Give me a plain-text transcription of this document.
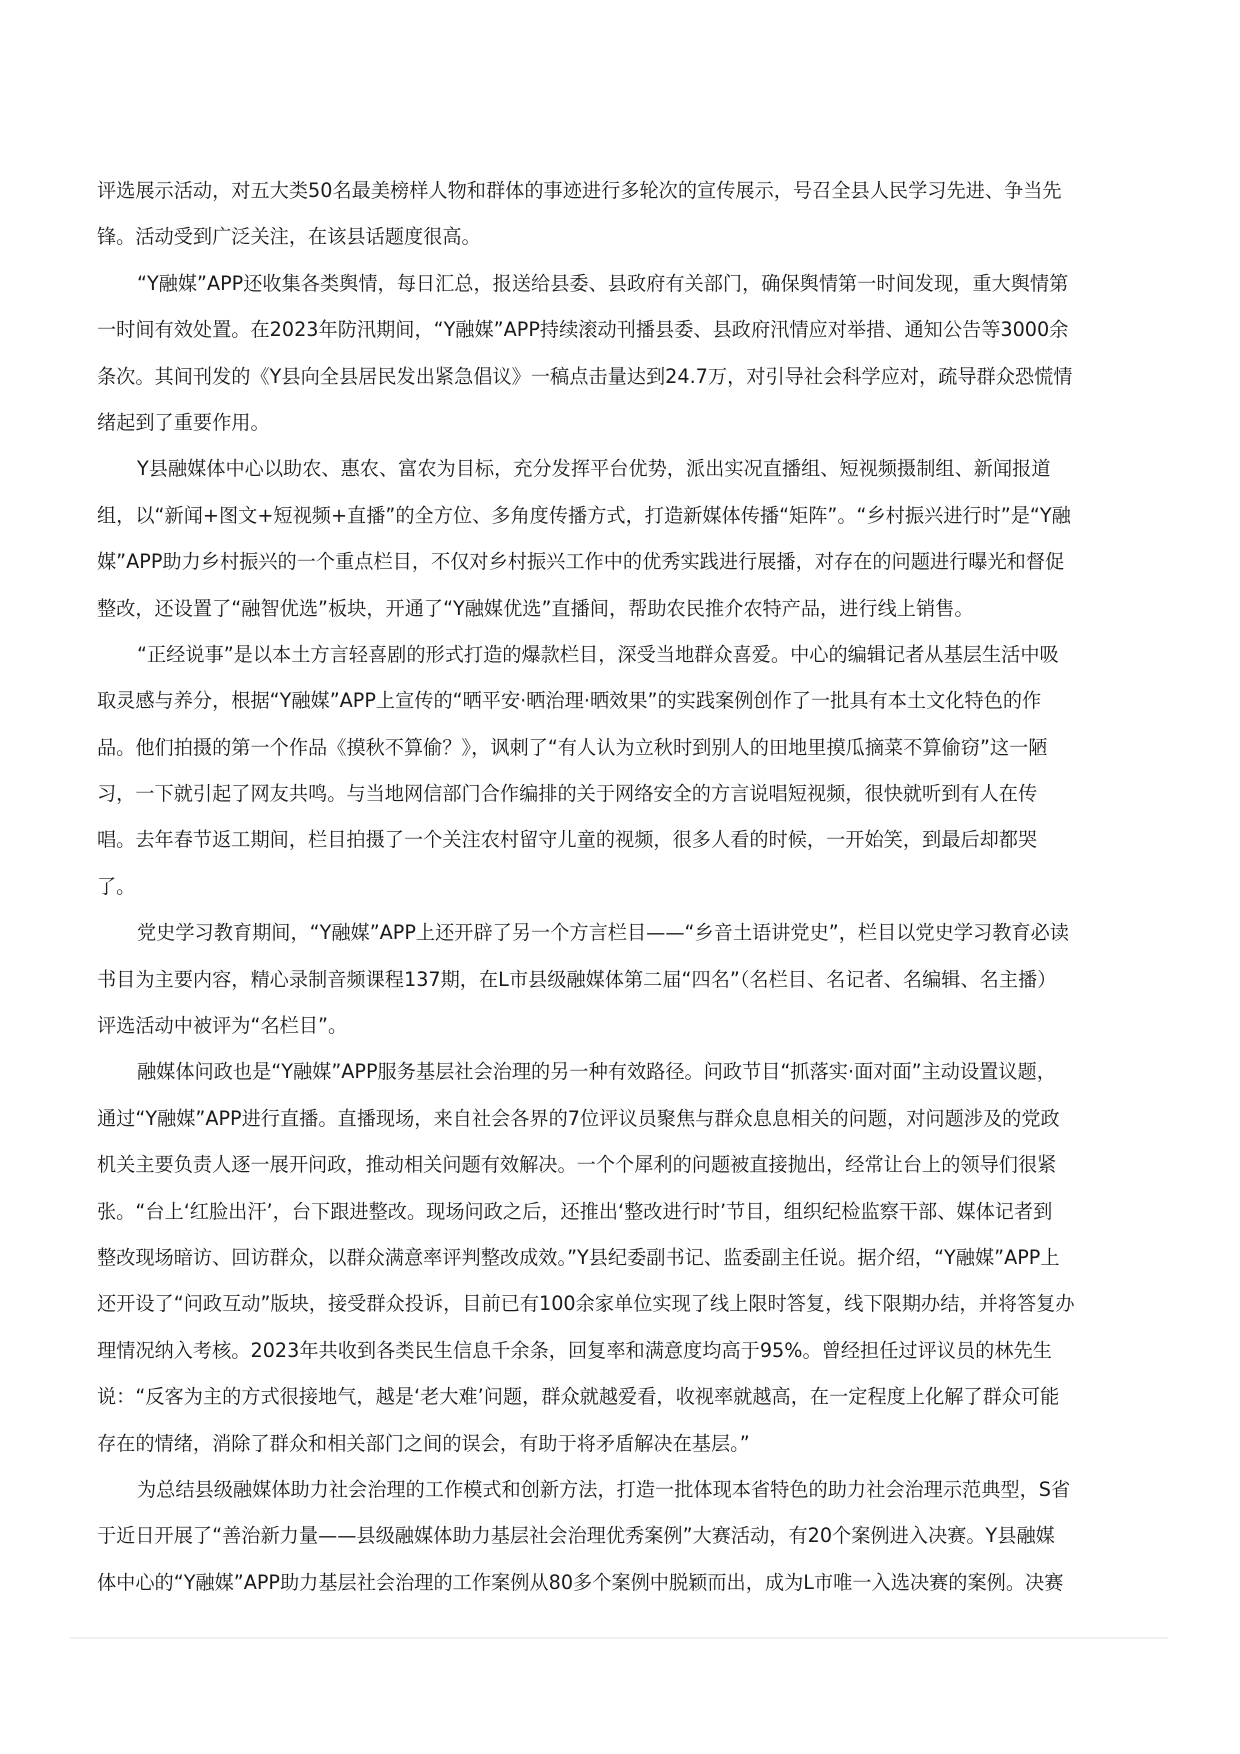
评选展示活动，对五大类50名最美榜样人物和群体的事迹进行多轮次的宣传展示，号召全县人民学习先进、争当先
锋。活动受到广泛关注，在该县话题度很高。
“Y融媒”APP还收集各类舆情，每日汇总，报送给县委、县政府有关部门，确保舆情第一时间发现，重大舆情第
一时间有效处置。在2023年防汛期间，“Y融媒”APP持续滚动刊播县委、县政府汛情应对举措、通知公告等3000余
条次。其间刊发的《Y县向全县居民发出紧急倡议》一稿点击量达到24.7万，对引导社会科学应对，疏导群众恐慌情
绪起到了重要作用。
Y县融媒体中心以助农、惠农、富农为目标，充分发挥平台优势，派出实况直播组、短视频摄制组、新闻报道
组，以“新闻+图文+短视频+直播”的全方位、多角度传播方式，打造新媒体传播“矩阵”。“乡村振兴进行时”是“Y融
媒”APP助力乡村振兴的一个重点栏目，不仅对乡村振兴工作中的优秀实践进行展播，对存在的问题进行曝光和督促
整改，还设置了“融智优选”板块，开通了“Y融媒优选”直播间，帮助农民推介农特产品，进行线上销售。
“正经说事”是以本土方言轻喜剧的形式打造的爆款栏目，深受当地群众喜爱。中心的编辑记者从基层生活中吸
取灵感与养分，根据“Y融媒”APP上宣传的“晒平安·晒治理·晒效果”的实践案例创作了一批具有本土文化特色的作
品。他们拍摄的第一个作品《摸秋不算偷？》，讽刺了“有人认为立秋时到别人的田地里摸瓜摘菜不算偷窃”这一陋
习，一下就引起了网友共鸣。与当地网信部门合作编排的关于网络安全的方言说唱短视频，很快就听到有人在传
唱。去年春节返工期间，栏目拍摄了一个关注农村留守儿童的视频，很多人看的时候，一开始笑，到最后却都哭
了。
党史学习教育期间，“Y融媒”APP上还开辟了另一个方言栏目——“乡音土语讲党史”，栏目以党史学习教育必读
书目为主要内容，精心录制音频课程137期，在L市县级融媒体第二届“四名”（名栏目、名记者、名编辑、名主播）
评选活动中被评为“名栏目”。
融媒体问政也是“Y融媒”APP服务基层社会治理的另一种有效路径。问政节目“抓落实·面对面”主动设置议题，
通过“Y融媒”APP进行直播。直播现场，来自社会各界的7位评议员聚焦与群众息息相关的问题，对问题涉及的党政
机关主要负责人逐一展开问政，推动相关问题有效解决。一个个犀利的问题被直接抛出，经常让台上的领导们很紧
张。“台上‘红脸出汗’，台下跟进整改。现场问政之后，还推出‘整改进行时’节目，组织纪检监察干部、媒体记者到
整改现场暗访、回访群众，以群众满意率评判整改成效。”Y县纪委副书记、监委副主任说。据介绍，“Y融媒”APP上
还开设了“问政互动”版块，接受群众投诉，目前已有100余家单位实现了线上限时答复，线下限期办结，并将答复办
理情况纳入考核。2023年共收到各类民生信息千余条，回复率和满意度均高于95%。曾经担任过评议员的林先生
说：“反客为主的方式很接地气，越是‘老大难’问题，群众就越爱看，收视率就越高，在一定程度上化解了群众可能
存在的情绪，消除了群众和相关部门之间的误会，有助于将矛盾解决在基层。”
为总结县级融媒体助力社会治理的工作模式和创新方法，打造一批体现本省特色的助力社会治理示范典型，S省
于近日开展了“善治新力量——县级融媒体助力基层社会治理优秀案例”大赛活动，有20个案例进入决赛。Y县融媒
体中心的“Y融媒”APP助力基层社会治理的工作案例从80多个案例中脱颖而出，成为L市唯一入选决赛的案例。决赛
